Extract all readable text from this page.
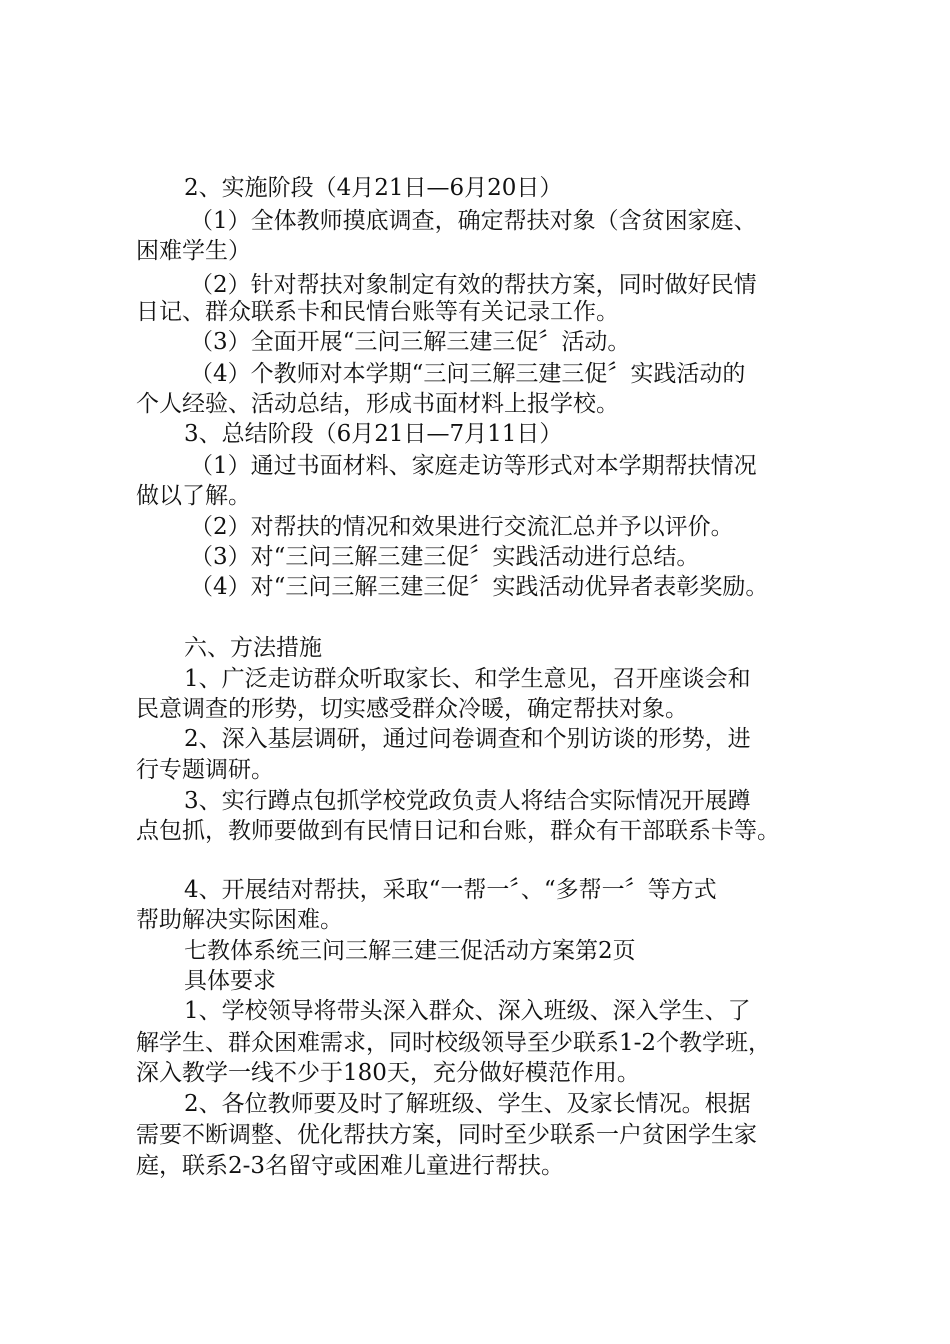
2、实施阶段（4月21日—6月20日）
（1）全体教师摸底调查，确定帮扶对象（含贫困家庭、
困难学生）
（2）针对帮扶对象制定有效的帮扶方案，同时做好民情
日记、群众联系卡和民情台账等有关记录工作。
（3）全面开展“三问三解三建三促〞活动。
（4）个教师对本学期“三问三解三建三促〞实践活动的
个人经验、活动总结，形成书面材料上报学校。
3、总结阶段（6月21日—7月11日）
（1）通过书面材料、家庭走访等形式对本学期帮扶情况
做以了解。
（2）对帮扶的情况和效果进行交流汇总并予以评价。
（3）对“三问三解三建三促〞实践活动进行总结。
（4）对“三问三解三建三促〞实践活动优异者表彰奖励。
六、方法措施
1、广泛走访群众听取家长、和学生意见，召开座谈会和
民意调查的形势，切实感受群众冷暖，确定帮扶对象。
2、深入基层调研，通过问卷调查和个别访谈的形势，进
行专题调研。
3、实行蹲点包抓学校党政负责人将结合实际情况开展蹲
点包抓，教师要做到有民情日记和台账，群众有干部联系卡等。
4、开展结对帮扶，采取“一帮一〞、“多帮一〞等方式
帮助解决实际困难。
七教体系统三问三解三建三促活动方案第2页
具体要求
1、学校领导将带头深入群众、深入班级、深入学生、了
解学生、群众困难需求，同时校级领导至少联系1-2个教学班，
深入教学一线不少于180天，充分做好模范作用。
2、各位教师要及时了解班级、学生、及家长情况。根据
需要不断调整、优化帮扶方案，同时至少联系一户贫困学生家
庭，联系2-3名留守或困难儿童进行帮扶。
